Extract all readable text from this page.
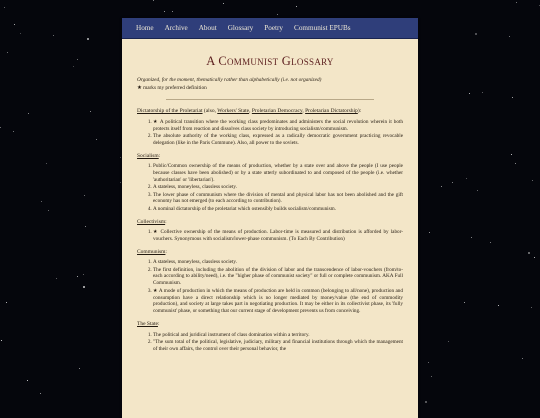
Home Archive About Glossary Poetry Communist EPUBs
A Communist Glossary
Organized, for the moment, thematically rather than alphabetically (i.e. not organized)
★ marks my preferred definition
Dictatorship of the Proletariat (also, Workers' State, Proletarian Democracy, Proletarian Dictatorship):
1. ★ A political transition where the working class predominates and administers the social revolution wherein it both protects itself from reaction and dissolves class society by introducing socialism/communism.
2. The absolute authority of the working class, expressed as a radically democratic government practicing revocable delegation (like in the Paris Commune). Also, all power to the soviets.
Socialism:
1. Public/Common ownership of the means of production, whether by a state over and above the people (I use people because classes have been abolished) or by a state utterly subordinated to and composed of the people (i.e. whether 'authoritarian' or 'libertarian').
2. A stateless, moneyless, classless society.
3. The lower phase of communism where the division of mental and physical labor has not been abolished and the gift economy has not emerged (to each according to contribution).
4. A nominal dictatorship of the proletariat which ostensibly builds socialism/communism.
Collectivism:
1. ★ Collective ownership of the means of production. Labor-time is measured and distribution is afforded by labor-vouchers. Synonymous with socialism/lower-phase communism. (To Each By Contribution)
Communism:
1. A stateless, moneyless, classless society.
2. The first definition, including the abolition of the division of labor and the transcendence of labor-vouchers (from/to-each according to ability/need), i.e. the "higher phase of communist society" or full or complete communism. AKA Full Communism.
3. ★ A mode of production in which the means of production are held in common (belonging to all/none), production and consumption have a direct relationship which is no longer mediated by money/value (the end of commodity production), and society at large takes part in negotiating production. It may be either in its collectivist phase, its 'fully communist' phase, or something that our current stage of development prevents us from conceiving.
The State:
1. The political and juridical instrument of class domination within a territory.
2. "The sum total of the political, legislative, judiciary, military and financial institutions through which the management of their own affairs, the control over their personal behavior, the
